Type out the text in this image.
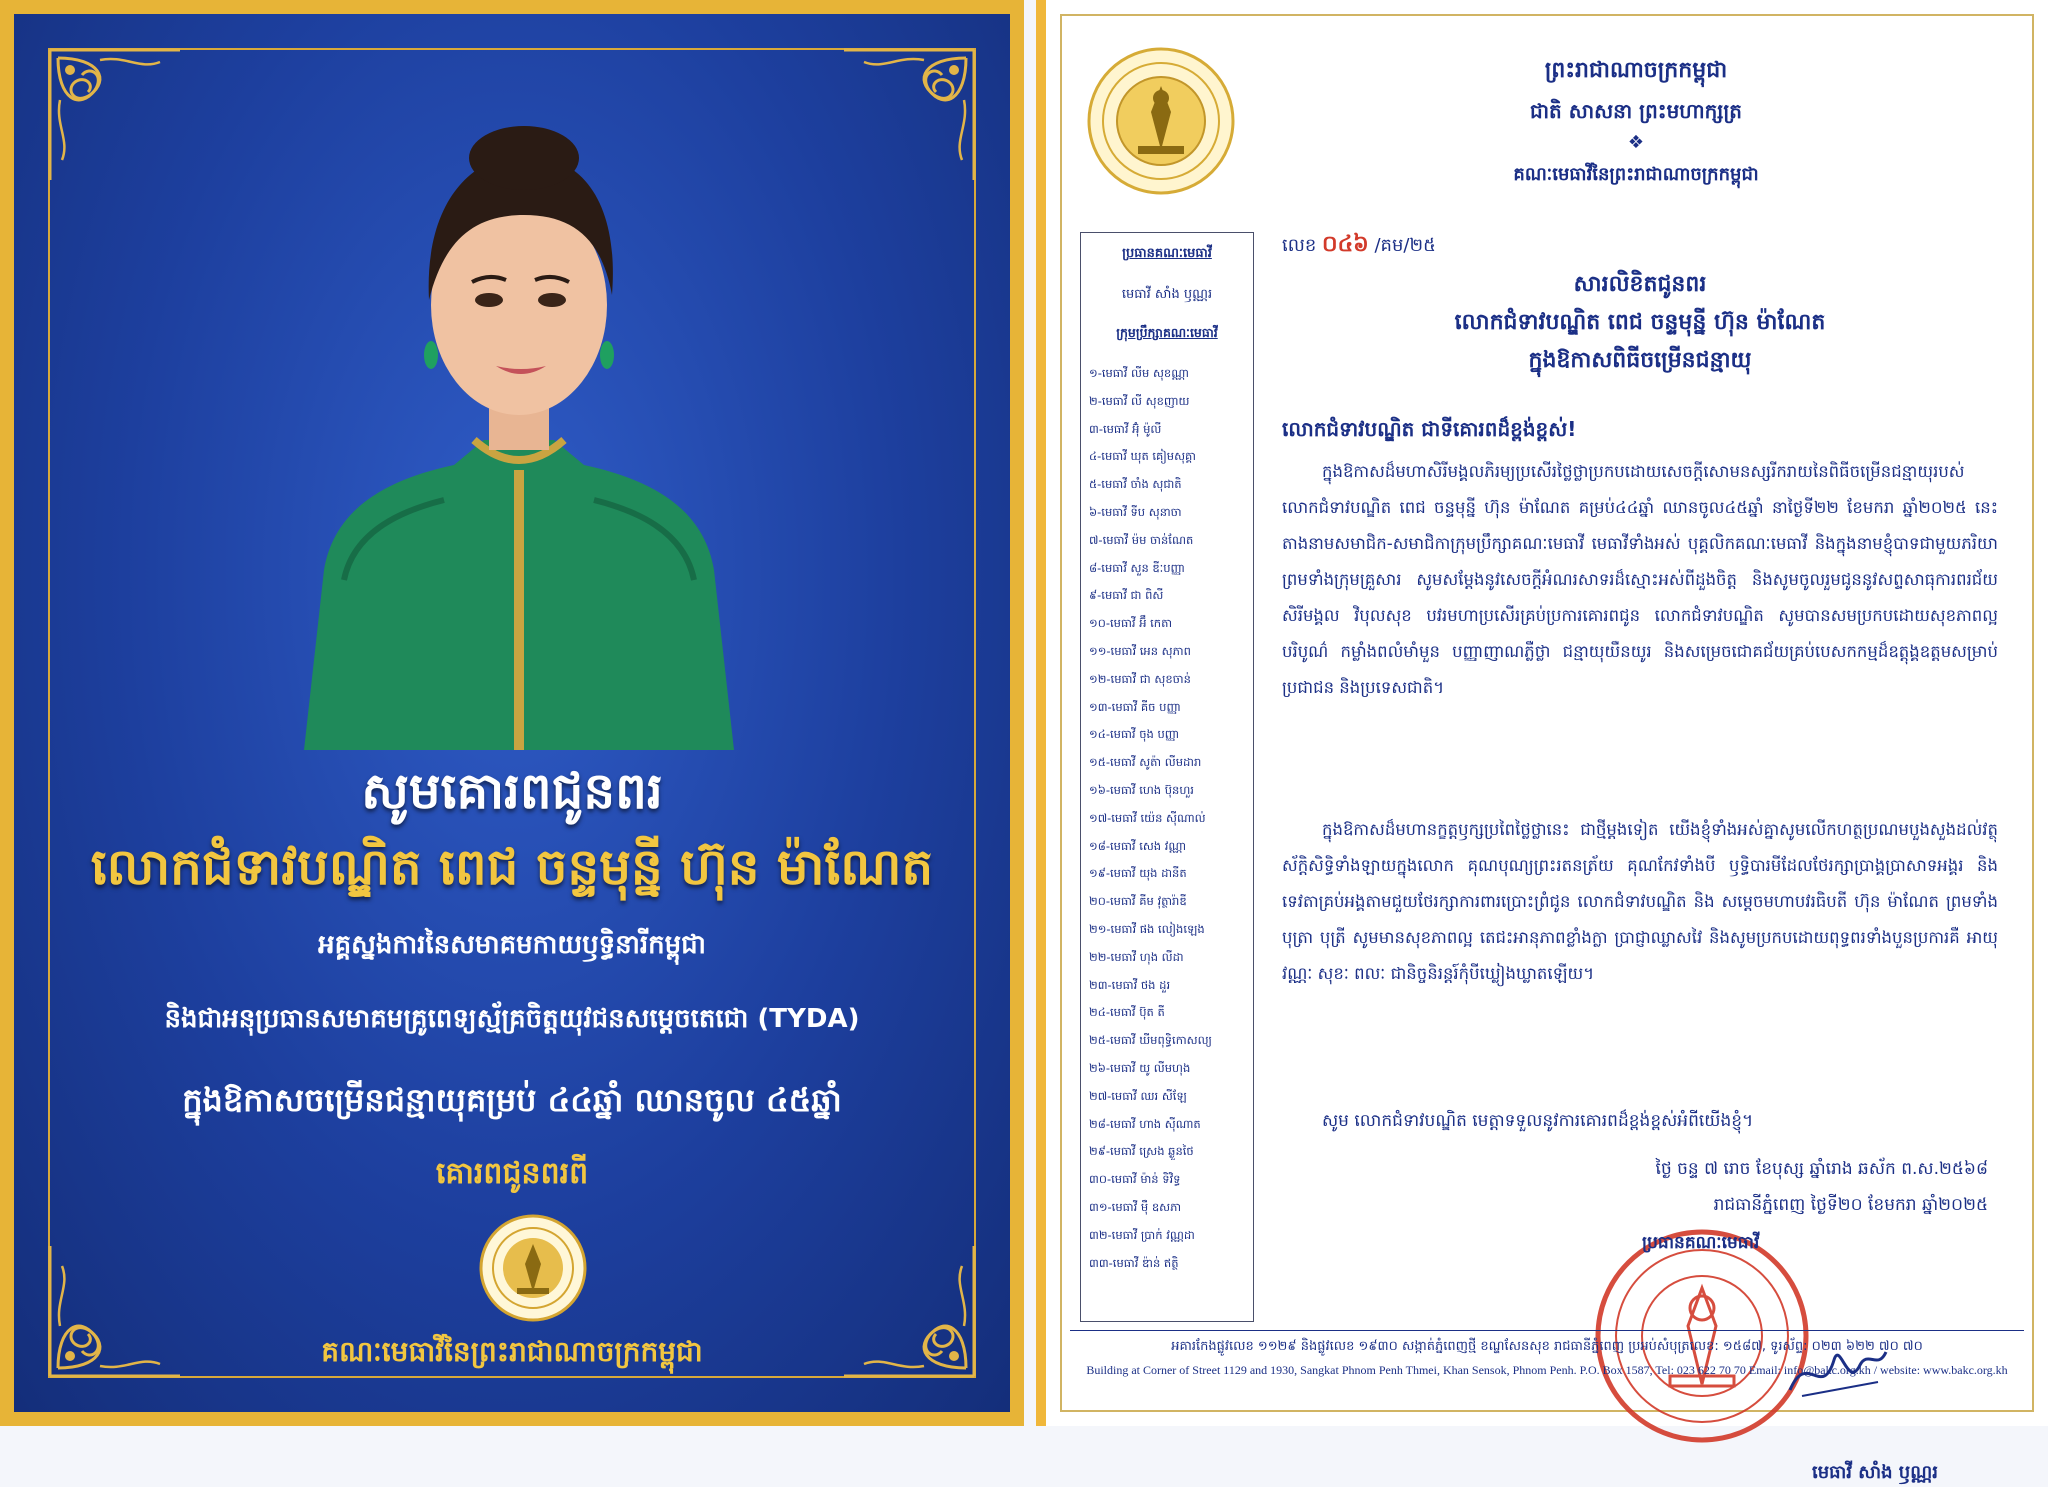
សូមគោរពជូនពរ
លោកជំទាវបណ្ឌិត ពេជ ចន្ទមុន្នី ហ៊ុន ម៉ាណែត
អគ្គស្នងការនៃសមាគមកាយឫទ្ធិនារីកម្ពុជា
និងជាអនុប្រធានសមាគមគ្រូពេទ្យស្ម័គ្រចិត្តយុវជនសម្ដេចតេជោ (TYDA)
ក្នុងឱកាសចម្រើនជន្មាយុគម្រប់ ៤៤ឆ្នាំ ឈានចូល ៤៥ឆ្នាំ
គោរពជូនពរពី
គណៈមេធាវីនៃព្រះរាជាណាចក្រកម្ពុជា
ព្រះរាជាណាចក្រកម្ពុជា
ជាតិ សាសនា ព្រះមហាក្សត្រ
❖
គណៈមេធាវីនៃព្រះរាជាណាចក្រកម្ពុជា
ប្រធានគណៈមេធាវី
មេធាវី សាំង ឫណ្ណរ
ក្រុមប្រឹក្សាគណៈមេធាវី
១-មេធាវី លីម សុខណ្ណា
២-មេធាវី លី សុខញាយ
៣-មេធាវី អ៊ុំ ម៉ូលី
៤-មេធាវី ឃុត គៀមសុគ្គា
៥-មេធាវី ចាំង សុជាតិ
៦-មេធាវី ទីប សុនាចា
៧-មេធាវី ម៉ម ចាន់ណែត
៨-មេធាវី សួន ឌីៈបញ្ញា
៩-មេធាវី ជា ពិសី
១០-មេធាវី អ៊ឹ កេតា
១១-មេធាវី អេន សុភាព
១២-មេធាវី ជា សុខចាន់
១៣-មេធាវី គីច បញ្ញា
១៤-មេធាវី ចុង បញ្ញា
១៥-មេធាវី សូត៉ា លីមដារា
១៦-មេធាវី ហេង ប៊ុនហួរ
១៧-មេធាវី យ៉េន ស៊ីណាល់
១៨-មេធាវី សេង វណ្ណា
១៩-មេធាវី យុង ដានីត
២០-មេធាវី គីម វុត្ថារ៉ាឌី
២១-មេធាវី ផង លៀងឡេង
២២-មេធាវី ហុង លីដា
២៣-មេធាវី ថង ដួរ
២៤-មេធាវី ប៊ុត តី
២៥-មេធាវី ឃីមពុទ្ធិកោសល្យ
២៦-មេធាវី យូ លីមហុង
២៧-មេធាវី ឈរ សីឡែ
២៨-មេធាវី ហាង ស៊ីណាត
២៩-មេធាវី ស្រេង ឆ្ងួនថៃ
៣០-មេធាវី ម៉ាន់ ទិវិទ្ធ
៣១-មេធាវី ម៉ឺ ឧសភា
៣២-មេធាវី ប្រាក់ វណ្ណដា
៣៣-មេធាវី ឌ៉ាន់ ឥត្ថិ
លេខ ០៤៦ /គម/២៥
សារលិខិតជូនពរ
លោកជំទាវបណ្ឌិត ពេជ ចន្ទមុន្នី ហ៊ុន ម៉ាណែត
ក្នុងឱកាសពិធីចម្រើនជន្មាយុ
លោកជំទាវបណ្ឌិត ជាទីគោរពដ៏ខ្ពង់ខ្ពស់!
ក្នុងឱកាសដ៏មហាសិរីមង្គលភិរម្យប្រសើរថ្លៃថ្លាប្រកបដោយសេចក្ដីសោមនស្សរីករាយនៃពិធីចម្រើនជន្មាយុរបស់ លោកជំទាវបណ្ឌិត ពេជ ចន្ទមុន្នី ហ៊ុន ម៉ាណែត គម្រប់៤៤ឆ្នាំ ឈានចូល៤៥ឆ្នាំ នាថ្ងៃទី២២ ខែមករា ឆ្នាំ២០២៥ នេះ តាងនាមសមាជិក-សមាជិកាក្រុមប្រឹក្សាគណៈមេធាវី មេធាវីទាំងអស់ បុគ្គលិកគណៈមេធាវី និងក្នុងនាមខ្ញុំបាទជាមួយភរិយា ព្រមទាំងក្រុមគ្រួសារ សូមសម្ដែងនូវសេចក្ដីអំណរសាទរដ៏ស្មោះអស់ពីដួងចិត្ត និងសូមចូលរួមជូននូវសព្ទសាធុការពរជ័យ សិរីមង្គល វិបុលសុខ បវរមហាប្រសើរគ្រប់ប្រការគោរពជូន លោកជំទាវបណ្ឌិត សូមបានសមប្រកបដោយសុខភាពល្អបរិបូណ៌ កម្លាំងពលំមាំមួន បញ្ញាញាណភ្លឺថ្លា ជន្មាយុយឺនយូរ និងសម្រេចជោគជ័យគ្រប់បេសកកម្មដ៏ឧត្ដុង្គឧត្ដមសម្រាប់ប្រជាជន និងប្រទេសជាតិ។
ក្នុងឱកាសដ៏មហានក្ខត្តឫក្សប្រពៃថ្លៃថ្លានេះ ជាថ្មីម្ដងទៀត យើងខ្ញុំទាំងអស់គ្នាសូមលើកហត្ថប្រណមបួងសួងដល់វត្ថុស័ក្តិសិទ្ធិទាំងឡាយក្នុងលោក គុណបុណ្យព្រះរតនត្រ័យ គុណកែវទាំងបី ឫទ្ធិបារមីដែលថែរក្សាប្រាង្គប្រាសាទអង្គរ និងទេវតាគ្រប់អង្គតាមជួយថែរក្សាការពារប្រោះព្រំជូន លោកជំទាវបណ្ឌិត និង សម្ដេចមហាបវរធិបតី ហ៊ុន ម៉ាណែត ព្រមទាំង បុត្រា បុត្រី សូមមានសុខភាពល្អ តេជះអានុភាពខ្លាំងក្លា ប្រាជ្ញាឈ្លាសវៃ និងសូមប្រកបដោយពុទ្ធពរទាំងបួនប្រការគឺ អាយុ វណ្ណៈ សុខៈ ពលៈ ជានិច្ចនិរន្តរ៍កុំបីឃ្លៀងឃ្លាតឡើយ។
សូម លោកជំទាវបណ្ឌិត មេត្តាទទួលនូវការគោរពដ៏ខ្ពង់ខ្ពស់អំពីយើងខ្ញុំ។
ថ្ងៃ ចន្ទ ៧ រោច ខែបុស្ស ឆ្នាំរោង ឆស័ក ព.ស.២៥៦៨
រាជធានីភ្នំពេញ ថ្ងៃទី២០ ខែមករា ឆ្នាំ២០២៥
ប្រធានគណៈមេធាវី
មេធាវី សាំង ឫណ្ណរ
អគារកែងផ្លូវលេខ ១១២៩ និងផ្លូវលេខ ១៩៣០ សង្កាត់ភ្នំពេញថ្មី ខណ្ឌសែនសុខ រាជធានីភ្នំពេញ ប្រអប់សំបុត្រលេខ: ១៥៨៧, ទូរស័ព្ទ: ០២៣ ៦២២ ៧០ ៧០
Building at Corner of Street 1129 and 1930, Sangkat Phnom Penh Thmei, Khan Sensok, Phnom Penh. P.O. Box 1587, Tel: 023 622 70 70 Email: info@bakc.org.kh / website: www.bakc.org.kh
